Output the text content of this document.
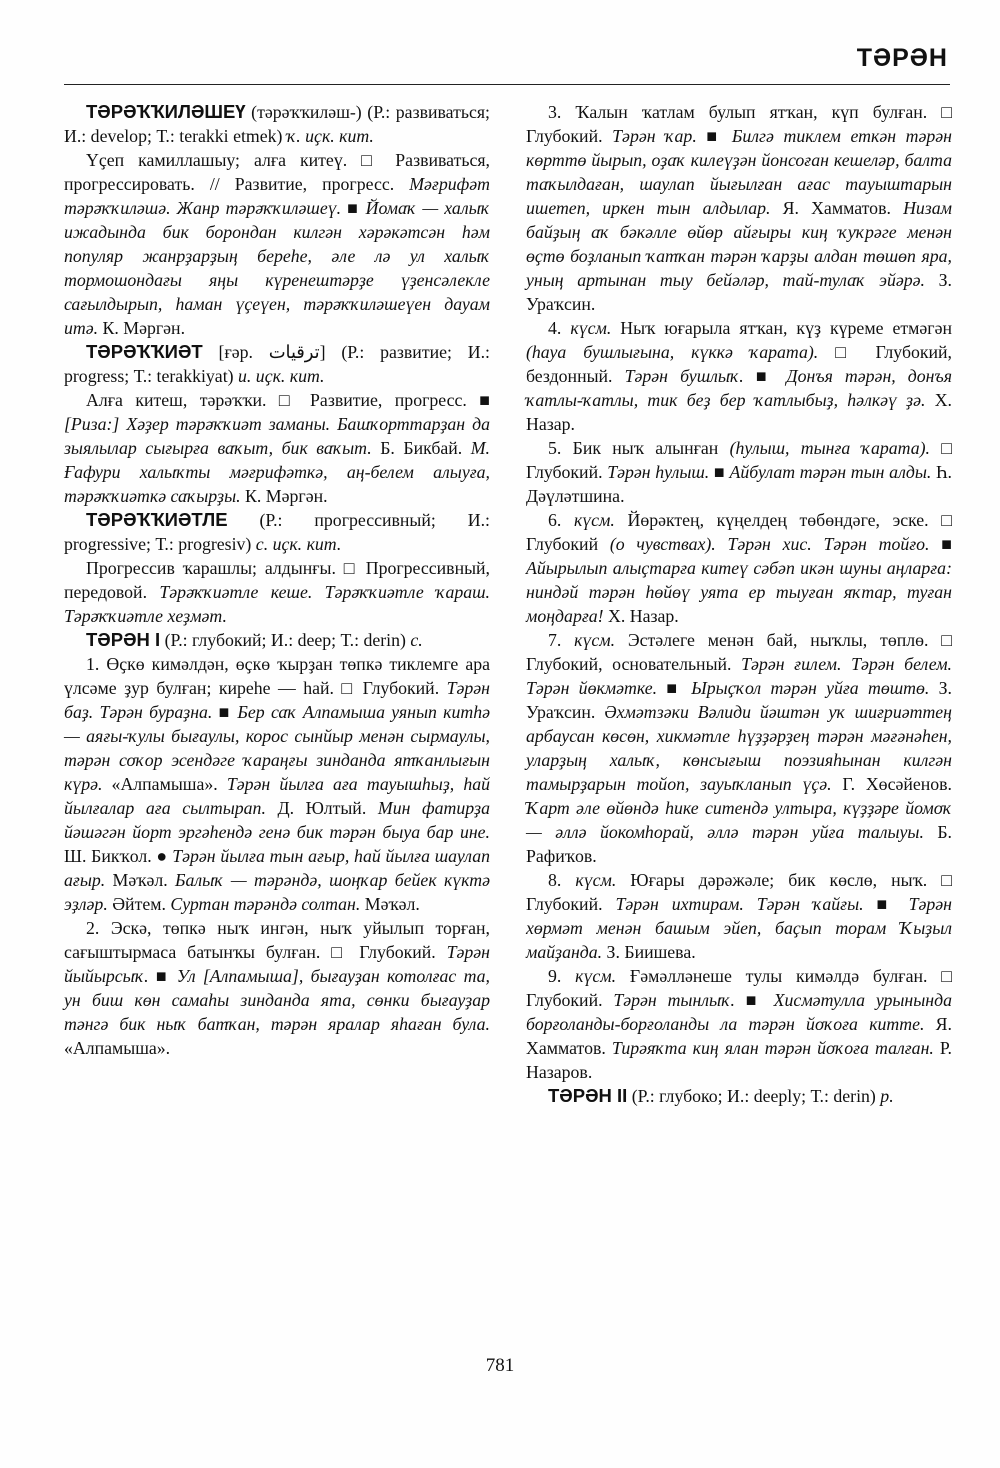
ТӘРӘН

ТӘРӘҠҠИЛӘШЕҮ (тәрәҡҡиләш-) (Р.: развиваться; И.: develop; Т.: terakki etmek) ҡ. иҫк. кит.

Үҫеп камиллашыу; алға китеү. □ Развиваться, прогрессировать. // Развитие, прогресс. Мәғрифәт тәрәҡҡиләшә. Жанр тәрәҡҡиләшеү. ■ Йомаҡ — халыҡ ижадында бик борондан килгән хәрәкәтсән һәм популяр жанрҙарҙың береһе, әле лә ул халыҡ тормошондағы яңы күренештәрҙе үҙенсәлекле сағылдырып, һаман үҫеүен, тәрәҡҡиләшеүен дауам итә. К. Мәргән.

ТӘРӘҠҠИӘТ [ғәр. ترقيات] (Р.: развитие; И.: progress; Т.: terakkiyat) и. иҫк. кит.

Алға китеш, тәрәҡҡи. □ Развитие, прогресс. ■ [Риза:] Хәҙер тәрәҡҡиәт заманы. Башҡорттарҙан да зыялылар сығырға ваҡыт, бик ваҡыт. Б. Бикбай. М. Ғафури халыҡты мәғрифәткә, аң-белем алыуға, тәрәҡҡиәткә саҡырҙы. К. Мәргән.

ТӘРӘҠҠИӘТЛЕ (Р.: прогрессивный; И.: progressive; Т.: progresiv) с. иҫк. кит.

Прогрессив ҡарашлы; алдынғы. □ Прогрессивный, передовой. Тәрәҡҡиәтле кеше. Тәрәҡҡиәтле ҡараш. Тәрәҡҡиәтле хеҙмәт.

ТӘРӘН I (Р.: глубокий; И.: deep; Т.: derin) с.

1. Өҫкө кимәлдән, өҫкө ҡырҙан төпкә тиклемге ара үлсәме ҙур булған; киреһе — һай. □ Глубокий. Тәрән баҙ. Тәрән бураҙна. ■ Бер саҡ Алпамыша уянып китһә — аяғы-ҡулы бығаулы, корос сынйыр менән сырмаулы, тәрән соҡор эсендәге ҡараңғы зинданда ятҡанлығын күрә. «Алпамыша». Тәрән йылға аға тауышһыҙ, һай йылғалар аға сылтырап. Д. Юлтый. Мин фатирҙа йәшәгән йорт эргәһендә генә бик тәрән быуа бар ине. Ш. Бикҡол. ● Тәрән йылға тын ағыр, һай йылға шаулап ағыр. Мәҡәл. Балыҡ — тәрәндә, шоңҡар бейек күктә эҙләр. Әйтем. Суртан тәрәндә солтан. Мәҡәл.

2. Эскә, төпкә ныҡ ингән, ныҡ уйылып торған, сағыштырмаса батынҡы булған. □ Глубокий. Тәрән йыйырсыҡ. ■ Ул [Алпамыша], бығауҙан котолғас та, ун биш көн самаһы зинданда ята, сөнки бығауҙар тәнгә бик ныҡ батҡан, тәрән яралар яһаған була. «Алпамыша».

3. Ҡалын ҡатлам булып ятҡан, күп булған. □ Глубокий. Тәрән ҡар. ■ Билгә тиклем еткән тәрән көрттө йырып, оҙаҡ килеүҙән йонсоған кешеләр, балта таҡылдаған, шаулап йығылған ағас тауыштарын ишетеп, иркен тын алдылар. Я. Хамматов. Низам байҙың аҡ бәкәлле өйөр айғыры киң ҡуҡрәге менән өҫтө боҙланып ҡатҡан тәрән ҡарҙы алдан төшөп яра, уның артынан тыу бейәләр, тай-тулаҡ эйәрә. З. Ураҡсин.

4. күсм. Ныҡ юғарыла ятҡан, күҙ күреме етмәгән (һауа бушлығына, күккә ҡарата). □ Глубокий, бездонный. Тәрән бушлыҡ. ■ Донъя тәрән, донъя ҡатлы-ҡатлы, тик беҙ бер ҡатлыбыҙ, һәлкәү ҙә. Х. Назар.

5. Бик ныҡ алынған (һулыш, тынға ҡарата). □ Глубокий. Тәрән һулыш. ■ Айбулат тәрән тын алды. Һ. Дәүләтшина.

6. күсм. Йөрәктең, күңелдең төбөндәге, эске. □ Глубокий (о чувствах). Тәрән хис. Тәрән тойғо. ■ Айырылып алыҫтарға китеү сәбәп икән шуны аңларға: ниндәй тәрән һөйөү уята ер тыуған яҡтар, туған моңдарға! Х. Назар.

7. күсм. Эстәлеге менән бай, ныҡлы, төплө. □ Глубокий, основательный. Тәрән ғилем. Тәрән белем. Тәрән йөкмәтке. ■ Ырыҫҡол тәрән уйға төштө. З. Ураҡсин. Әхмәтзәки Вәлиди йәштән уҡ шиғриәттең арбаусан көсөн, хикмәтле һүҙҙәрҙең тәрән мәғәнәһен, уларҙың халыҡ, көнсығыш поэзияһынан килгән тамырҙарын тойоп, зауыҡланып үҫә. Г. Хөсәйенов. Ҡарт әле өйөндә һике ситендә ултыра, күҙҙәре йомоҡ — әллә йокомһорай, әллә тәрән уйға талыуы. Б. Рафиҡов.

8. күсм. Юғары дәрәжәле; бик көслө, ныҡ. □ Глубокий. Тәрән ихтирам. Тәрән ҡайғы. ■ Тәрән хөрмәт менән башым эйеп, баҫып торам Ҡыҙыл майҙанда. З. Биишева.

9. күсм. Ғәмәлләнеше тулы кимәлдә булған. □ Глубокий. Тәрән тынлыҡ. ■ Хисмәтулла урынында борғоланды-борғоланды ла тәрән йоҡоға китте. Я. Хамматов. Тирәяҡта киң ялан тәрән йоҡоға талған. Р. Назаров.

ТӘРӘН II (Р.: глубоко; И.: deeply; Т.: derin) р.

781
